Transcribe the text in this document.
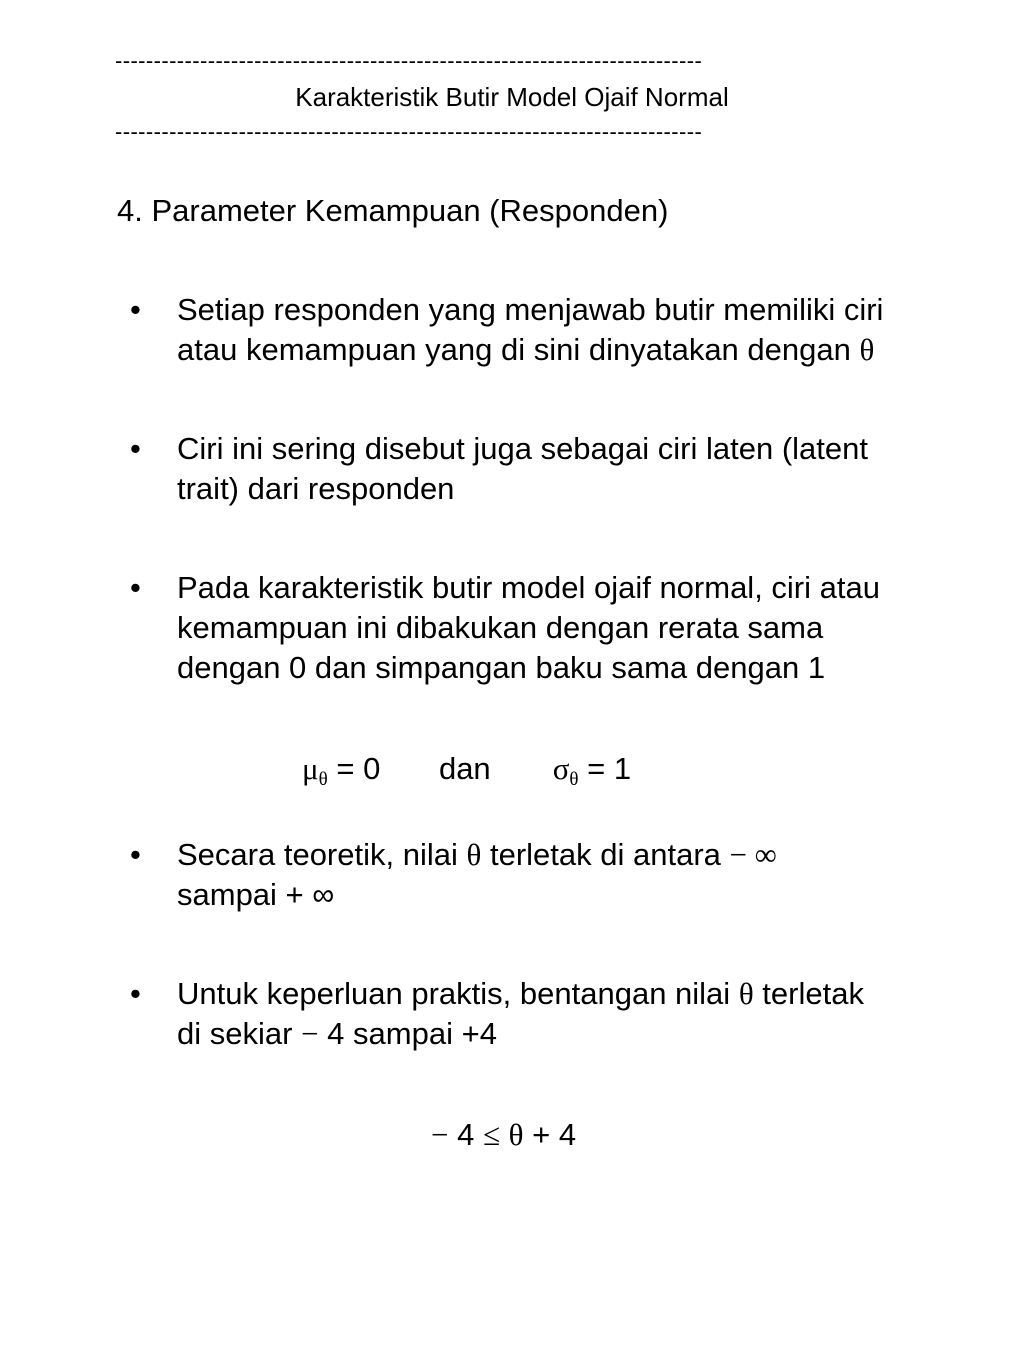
----------------------------------------------------------------------------
Karakteristik Butir Model Ojaif Normal
----------------------------------------------------------------------------
4. Parameter Kemampuan (Responden)
• Setiap responden yang menjawab butir memiliki ciri
atau kemampuan yang di sini dinyatakan dengan θ
• Ciri ini sering disebut juga sebagai ciri laten (latent
trait) dari responden
• Pada karakteristik butir model ojaif normal, ciri atau
kemampuan ini dibakukan dengan rerata sama
dengan 0 dan simpangan baku sama dengan 1
$\mu_\theta = 0$ dan $\sigma_\theta = 1$
• Secara teoretik, nilai θ terletak di antara − ∞
sampai + ∞
• Untuk keperluan praktis, bentangan nilai θ terletak
di sekiar − 4 sampai +4
− 4 ≤ θ + 4
